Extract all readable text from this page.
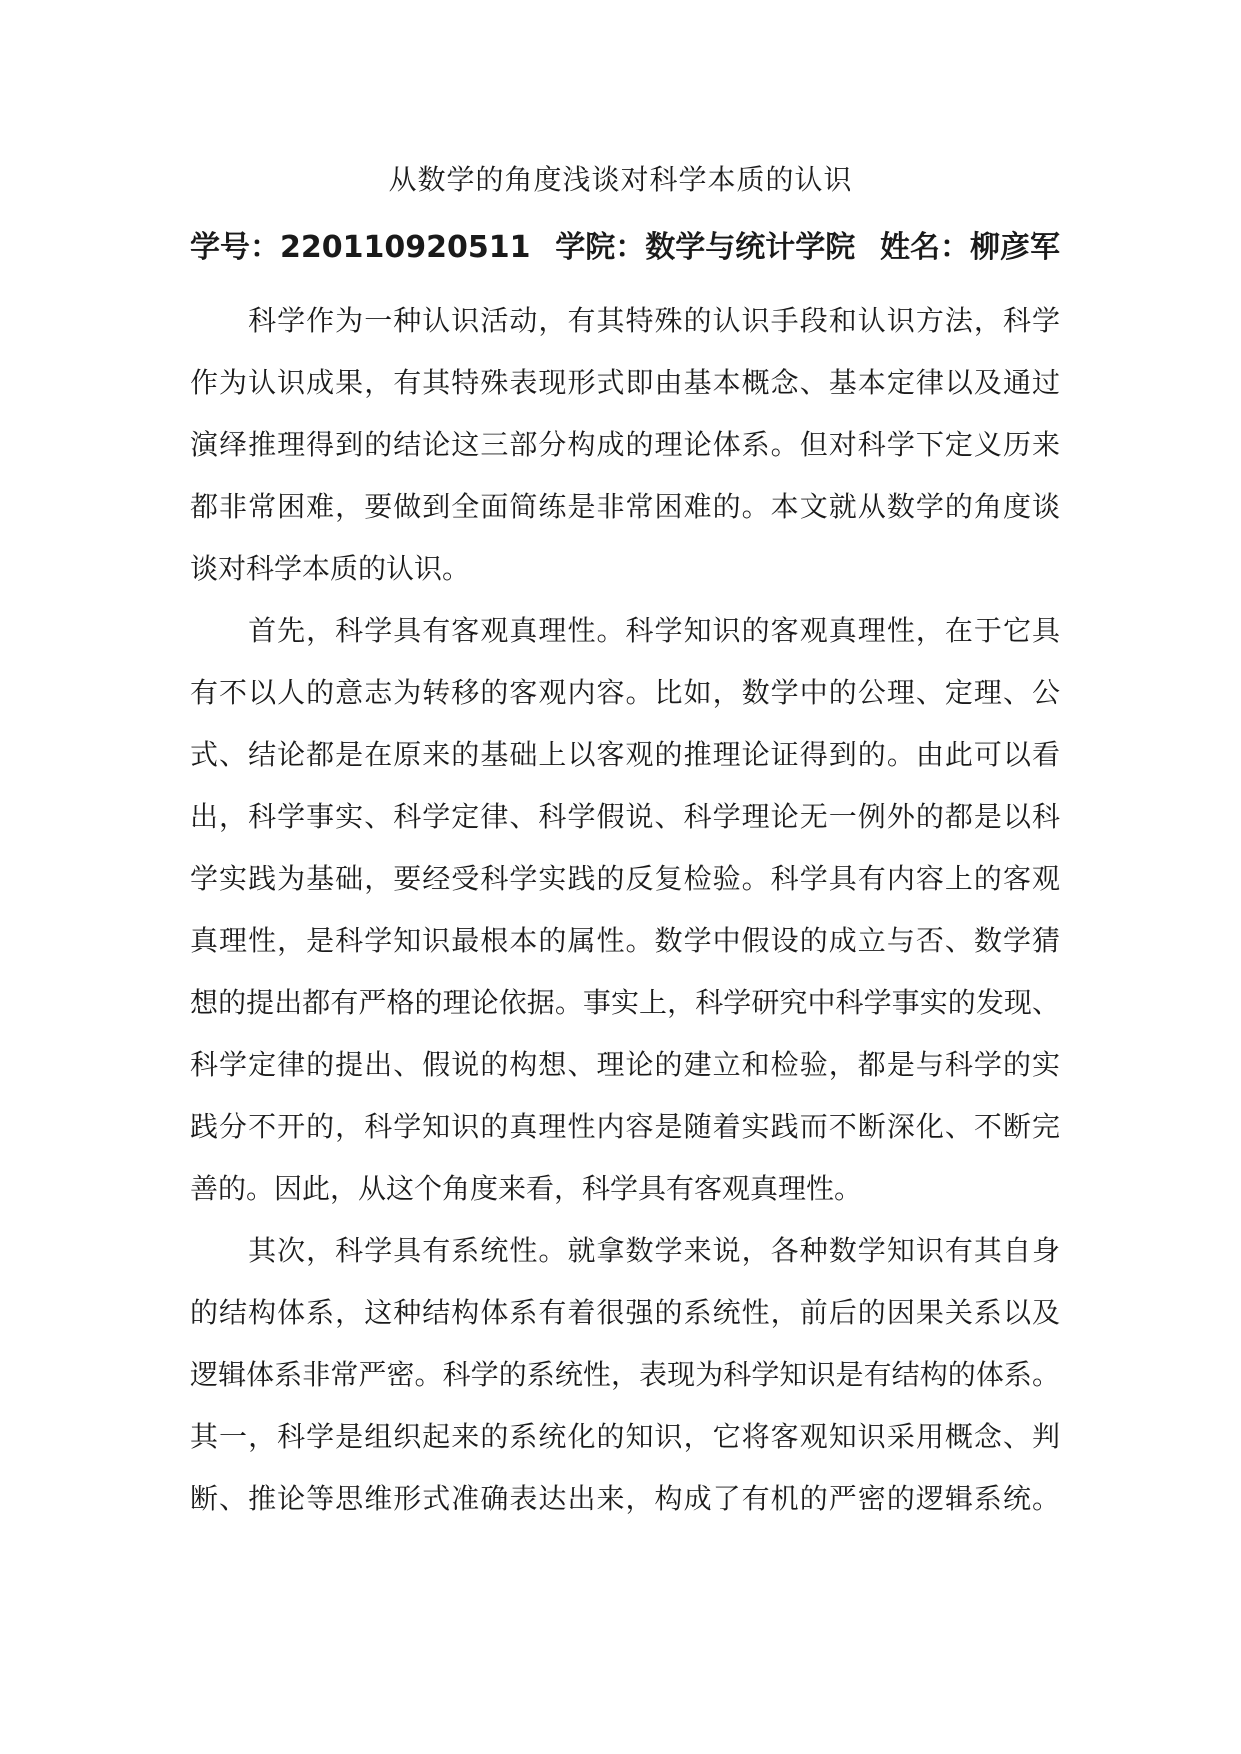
从数学的角度浅谈对科学本质的认识
学号：220110920511 学院：数学与统计学院 姓名：柳彦军
　　科学作为一种认识活动，有其特殊的认识手段和认识方法，科学
作为认识成果，有其特殊表现形式即由基本概念、基本定律以及通过
演绎推理得到的结论这三部分构成的理论体系。但对科学下定义历来
都非常困难，要做到全面简练是非常困难的。本文就从数学的角度谈
谈对科学本质的认识。
　　首先，科学具有客观真理性。科学知识的客观真理性，在于它具
有不以人的意志为转移的客观内容。比如，数学中的公理、定理、公
式、结论都是在原来的基础上以客观的推理论证得到的。由此可以看
出，科学事实、科学定律、科学假说、科学理论无一例外的都是以科
学实践为基础，要经受科学实践的反复检验。科学具有内容上的客观
真理性，是科学知识最根本的属性。数学中假设的成立与否、数学猜
想的提出都有严格的理论依据。事实上，科学研究中科学事实的发现、
科学定律的提出、假说的构想、理论的建立和检验，都是与科学的实
践分不开的，科学知识的真理性内容是随着实践而不断深化、不断完
善的。因此，从这个角度来看，科学具有客观真理性。
　　其次，科学具有系统性。就拿数学来说，各种数学知识有其自身
的结构体系，这种结构体系有着很强的系统性，前后的因果关系以及
逻辑体系非常严密。科学的系统性，表现为科学知识是有结构的体系。
其一，科学是组织起来的系统化的知识，它将客观知识采用概念、判
断、推论等思维形式准确表达出来，构成了有机的严密的逻辑系统。
